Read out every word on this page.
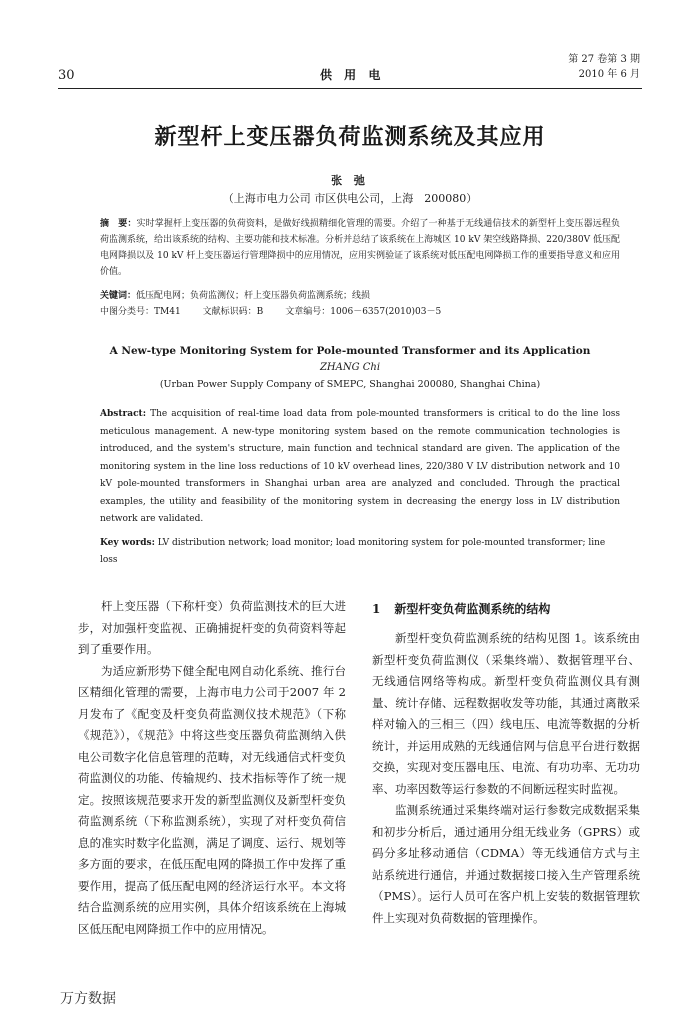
30	供 用 电
第 27 卷第 3 期
2010 年 6 月
新型杆上变压器负荷监测系统及其应用
张 弛
（上海市电力公司 市区供电公司，上海　200080）
摘　要：实时掌握杆上变压器的负荷资料，是做好线损精细化管理的需要。介绍了一种基于无线通信技术的新型杆上变压器远程负荷监测系统，给出该系统的结构、主要功能和技术标准。分析并总结了该系统在上海城区 10 kV 架空线路降损、220/380V 低压配电网降损以及 10 kV 杆上变压器运行管理降损中的应用情况，应用实例验证了该系统对低压配电网降损工作的重要指导意义和应用价值。
关键词：低压配电网；负荷监测仪；杆上变压器负荷监测系统；线损
中图分类号：TM41 文献标识码：B 文章编号：1006－6357(2010)03－5
A New-type Monitoring System for Pole-mounted Transformer and its Application
ZHANG Chi
(Urban Power Supply Company of SMEPC, Shanghai 200080, Shanghai China)
Abstract: The acquisition of real-time load data from pole-mounted transformers is critical to do the line loss meticulous management. A new-type monitoring system based on the remote communication technologies is introduced, and the system's structure, main function and technical standard are given. The application of the monitoring system in the line loss reductions of 10 kV overhead lines, 220/380 V LV distribution network and 10 kV pole-mounted transformers in Shanghai urban area are analyzed and concluded. Through the practical examples, the utility and feasibility of the monitoring system in decreasing the energy loss in LV distribution network are validated.
Key words: LV distribution network; load monitor; load monitoring system for pole-mounted transformer; line loss

杆上变压器（下称杆变）负荷监测技术的巨大进步，对加强杆变监视、正确捕捉杆变的负荷资料等起到了重要作用。

为适应新形势下健全配电网自动化系统、推行台区精细化管理的需要，上海市电力公司于2007 年 2 月发布了《配变及杆变负荷监测仪技术规范》（下称《规范》），《规范》中将这些变压器负荷监测纳入供电公司数字化信息管理的范畴，对无线通信式杆变负荷监测仪的功能、传输规约、技术指标等作了统一规定。按照该规范要求开发的新型监测仪及新型杆变负荷监测系统（下称监测系统），实现了对杆变负荷信息的准实时数字化监测，满足了调度、运行、规划等多方面的要求，在低压配电网的降损工作中发挥了重要作用，提高了低压配电网的经济运行水平。本文将结合监测系统的应用实例，具体介绍该系统在上海城区低压配电网降损工作中的应用情况。

1 新型杆变负荷监测系统的结构

新型杆变负荷监测系统的结构见图 1。该系统由新型杆变负荷监测仪（采集终端）、数据管理平台、无线通信网络等构成。新型杆变负荷监测仪具有测量、统计存储、远程数据收发等功能，其通过离散采样对输入的三相三（四）线电压、电流等数据的分析统计，并运用成熟的无线通信网与信息平台进行数据交换，实现对变压器电压、电流、有功功率、无功功率、功率因数等运行参数的不间断远程实时监视。

监测系统通过采集终端对运行参数完成数据采集和初步分析后，通过通用分组无线业务（GPRS）或码分多址移动通信（CDMA）等无线通信方式与主站系统进行通信，并通过数据接口接入生产管理系统（PMS）。运行人员可在客户机上安装的数据管理软件上实现对负荷数据的管理操作。

万方数据
